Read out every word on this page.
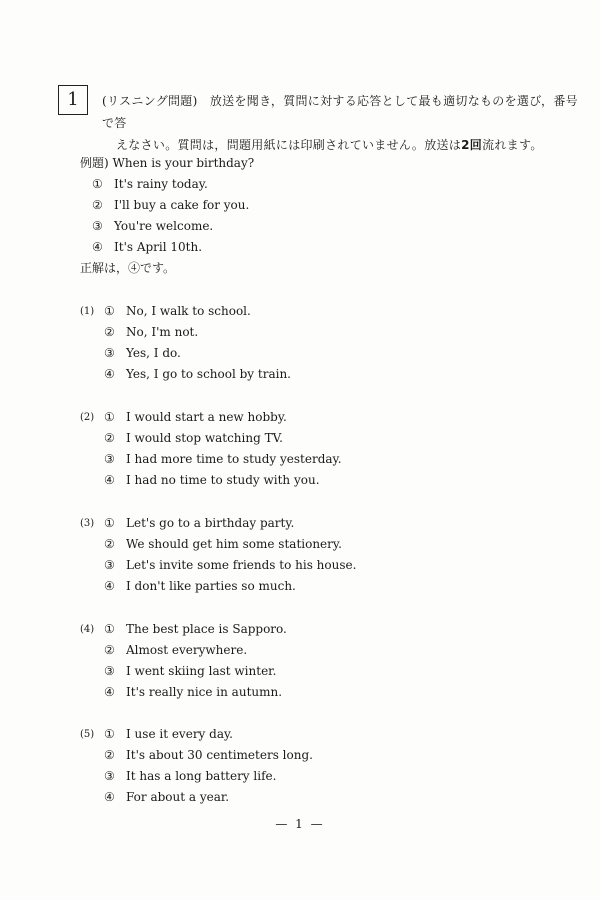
1	(リスニング問題)　放送を聞き，質問に対する応答として最も適切なものを選び，番号で答
えなさい。質問は，問題用紙には印刷されていません。放送は2回流れます。
例題) When is your birthday?
① It's rainy today.
② I'll buy a cake for you.
③ You're welcome.
④ It's April 10th.
正解は，④です。
(1) ① No, I walk to school.
② No, I'm not.
③ Yes, I do.
④ Yes, I go to school by train.
(2) ① I would start a new hobby.
② I would stop watching TV.
③ I had more time to study yesterday.
④ I had no time to study with you.
(3) ① Let's go to a birthday party.
② We should get him some stationery.
③ Let's invite some friends to his house.
④ I don't like parties so much.
(4) ① The best place is Sapporo.
② Almost everywhere.
③ I went skiing last winter.
④ It's really nice in autumn.
(5) ① I use it every day.
② It's about 30 centimeters long.
③ It has a long battery life.
④ For about a year.
— 1 —
